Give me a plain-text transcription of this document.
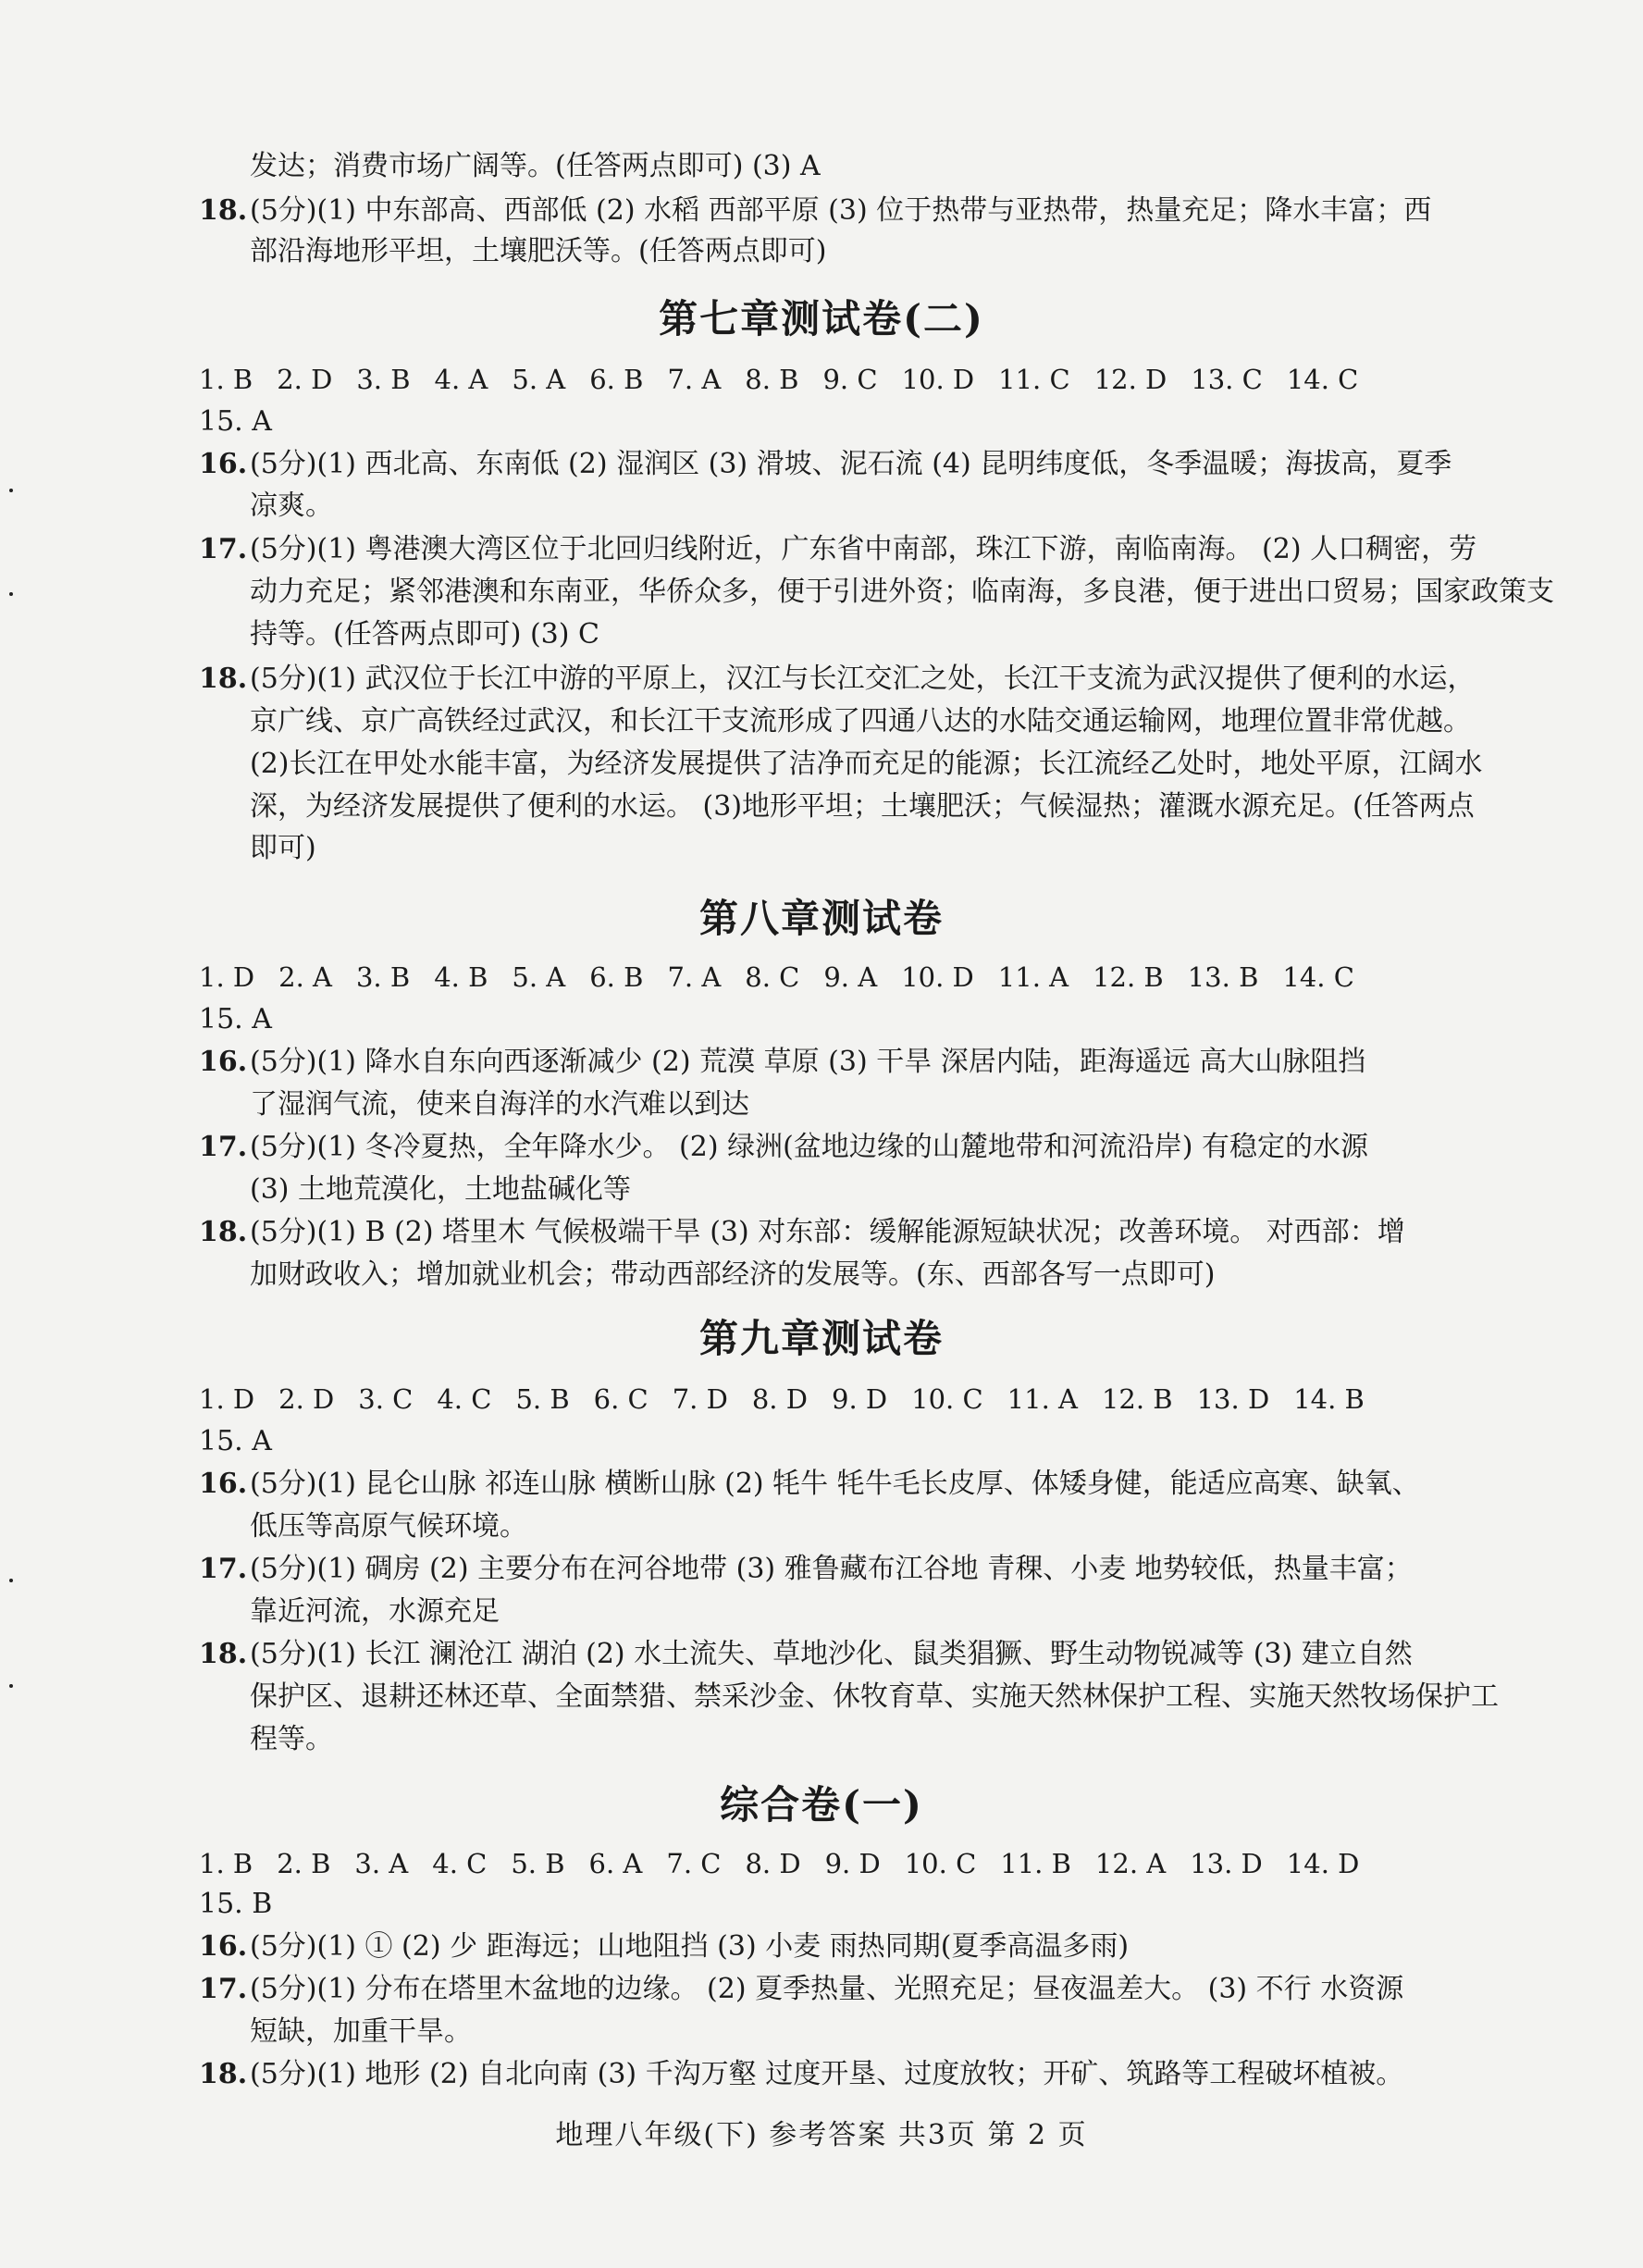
发达；消费市场广阔等。(任答两点即可) (3) A
18.(5分)(1) 中东部高、西部低 (2) 水稻 西部平原 (3) 位于热带与亚热带，热量充足；降水丰富；西
部沿海地形平坦，土壤肥沃等。(任答两点即可)
第七章测试卷(二)
1. B 2. D 3. B 4. A 5. A 6. B 7. A 8. B 9. C 10. D 11. C 12. D 13. C 14. C
15. A
16.(5分)(1) 西北高、东南低 (2) 湿润区 (3) 滑坡、泥石流 (4) 昆明纬度低，冬季温暖；海拔高，夏季
凉爽。
17.(5分)(1) 粤港澳大湾区位于北回归线附近，广东省中南部，珠江下游，南临南海。 (2) 人口稠密，劳
动力充足；紧邻港澳和东南亚，华侨众多，便于引进外资；临南海，多良港，便于进出口贸易；国家政策支
持等。(任答两点即可) (3) C
18.(5分)(1) 武汉位于长江中游的平原上，汉江与长江交汇之处，长江干支流为武汉提供了便利的水运，
京广线、京广高铁经过武汉，和长江干支流形成了四通八达的水陆交通运输网，地理位置非常优越。
(2)长江在甲处水能丰富，为经济发展提供了洁净而充足的能源；长江流经乙处时，地处平原，江阔水
深，为经济发展提供了便利的水运。 (3)地形平坦；土壤肥沃；气候湿热；灌溉水源充足。(任答两点
即可)
第八章测试卷
1. D 2. A 3. B 4. B 5. A 6. B 7. A 8. C 9. A 10. D 11. A 12. B 13. B 14. C
15. A
16.(5分)(1) 降水自东向西逐渐减少 (2) 荒漠 草原 (3) 干旱 深居内陆，距海遥远 高大山脉阻挡
了湿润气流，使来自海洋的水汽难以到达
17.(5分)(1) 冬冷夏热，全年降水少。 (2) 绿洲(盆地边缘的山麓地带和河流沿岸) 有稳定的水源
(3) 土地荒漠化，土地盐碱化等
18.(5分)(1) B (2) 塔里木 气候极端干旱 (3) 对东部：缓解能源短缺状况；改善环境。 对西部：增
加财政收入；增加就业机会；带动西部经济的发展等。(东、西部各写一点即可)
第九章测试卷
1. D 2. D 3. C 4. C 5. B 6. C 7. D 8. D 9. D 10. C 11. A 12. B 13. D 14. B
15. A
16.(5分)(1) 昆仑山脉 祁连山脉 横断山脉 (2) 牦牛 牦牛毛长皮厚、体矮身健，能适应高寒、缺氧、
低压等高原气候环境。
17.(5分)(1) 碉房 (2) 主要分布在河谷地带 (3) 雅鲁藏布江谷地 青稞、小麦 地势较低，热量丰富；
靠近河流，水源充足
18.(5分)(1) 长江 澜沧江 湖泊 (2) 水土流失、草地沙化、鼠类猖獗、野生动物锐减等 (3) 建立自然
保护区、退耕还林还草、全面禁猎、禁采沙金、休牧育草、实施天然林保护工程、实施天然牧场保护工
程等。
综合卷(一)
1. B 2. B 3. A 4. C 5. B 6. A 7. C 8. D 9. D 10. C 11. B 12. A 13. D 14. D
15. B
16.(5分)(1) ① (2) 少 距海远；山地阻挡 (3) 小麦 雨热同期(夏季高温多雨)
17.(5分)(1) 分布在塔里木盆地的边缘。 (2) 夏季热量、光照充足；昼夜温差大。 (3) 不行 水资源
短缺，加重干旱。
18.(5分)(1) 地形 (2) 自北向南 (3) 千沟万壑 过度开垦、过度放牧；开矿、筑路等工程破坏植被。
地理八年级(下) 参考答案 共3页 第 2 页
